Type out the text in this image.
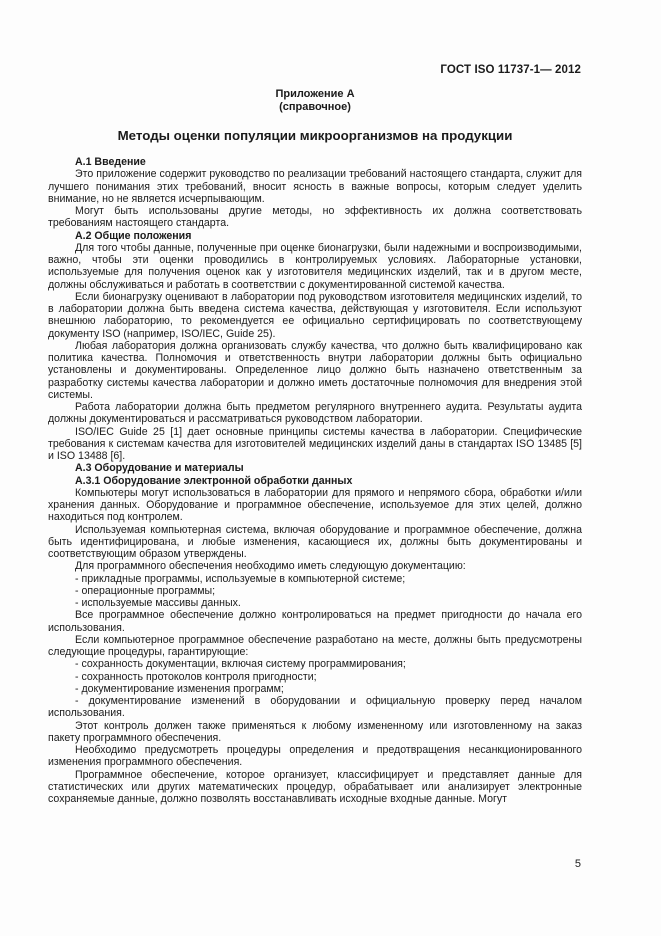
ГОСТ ISO 11737-1— 2012
Приложение А
(справочное)
Методы оценки популяции микроорганизмов на продукции

А.1 Введение

Это приложение содержит руководство по реализации требований настоящего стандарта, служит для лучшего понимания этих требований, вносит ясность в важные вопросы, которым следует уделить внимание, но не является исчерпывающим.

Могут быть использованы другие методы, но эффективность их должна соответствовать требованиям настоящего стандарта.

А.2 Общие положения

Для того чтобы данные, полученные при оценке бионагрузки, были надежными и воспроизводимыми, важно, чтобы эти оценки проводились в контролируемых условиях. Лабораторные установки, используемые для получения оценок как у изготовителя медицинских изделий, так и в другом месте, должны обслуживаться и работать в соответствии с документированной системой качества.

Если бионагрузку оценивают в лаборатории под руководством изготовителя медицинских изделий, то в лаборатории должна быть введена система качества, действующая у изготовителя. Если используют внешнюю лабораторию, то рекомендуется ее официально сертифицировать по соответствующему документу ISO (например, ISO/IEC, Guide 25).

Любая лаборатория должна организовать службу качества, что должно быть квалифицировано как политика качества. Полномочия и ответственность внутри лаборатории должны быть официально установлены и документированы. Определенное лицо должно быть назначено ответственным за разработку системы качества лаборатории и должно иметь достаточные полномочия для внедрения этой системы.

Работа лаборатории должна быть предметом регулярного внутреннего аудита. Результаты аудита должны документироваться и рассматриваться руководством лаборатории.

ISO/IEC Guide 25 [1] дает основные принципы системы качества в лаборатории. Специфические требования к системам качества для изготовителей медицинских изделий даны в стандартах ISO 13485 [5] и ISO 13488 [6].

А.3 Оборудование и материалы

А.3.1 Оборудование электронной обработки данных

Компьютеры могут использоваться в лаборатории для прямого и непрямого сбора, обработки и/или хранения данных. Оборудование и программное обеспечение, используемое для этих целей, должно находиться под контролем.

Используемая компьютерная система, включая оборудование и программное обеспечение, должна быть идентифицирована, и любые изменения, касающиеся их, должны быть документированы и соответствующим образом утверждены.

Для программного обеспечения необходимо иметь следующую документацию:

- прикладные программы, используемые в компьютерной системе;

- операционные программы;

- используемые массивы данных.

Все программное обеспечение должно контролироваться на предмет пригодности до начала его использования.

Если компьютерное программное обеспечение разработано на месте, должны быть предусмотрены следующие процедуры, гарантирующие:

- сохранность документации, включая систему программирования;

- сохранность протоколов контроля пригодности;

- документирование изменения программ;

- документирование изменений в оборудовании и официальную проверку перед началом использования.

Этот контроль должен также применяться к любому измененному или изготовленному на заказ пакету программного обеспечения.

Необходимо предусмотреть процедуры определения и предотвращения несанкционированного изменения программного обеспечения.

Программное обеспечение, которое организует, классифицирует и представляет данные для статистических или других математических процедур, обрабатывает или анализирует электронные сохраняемые данные, должно позволять восстанавливать исходные входные данные. Могут

5
